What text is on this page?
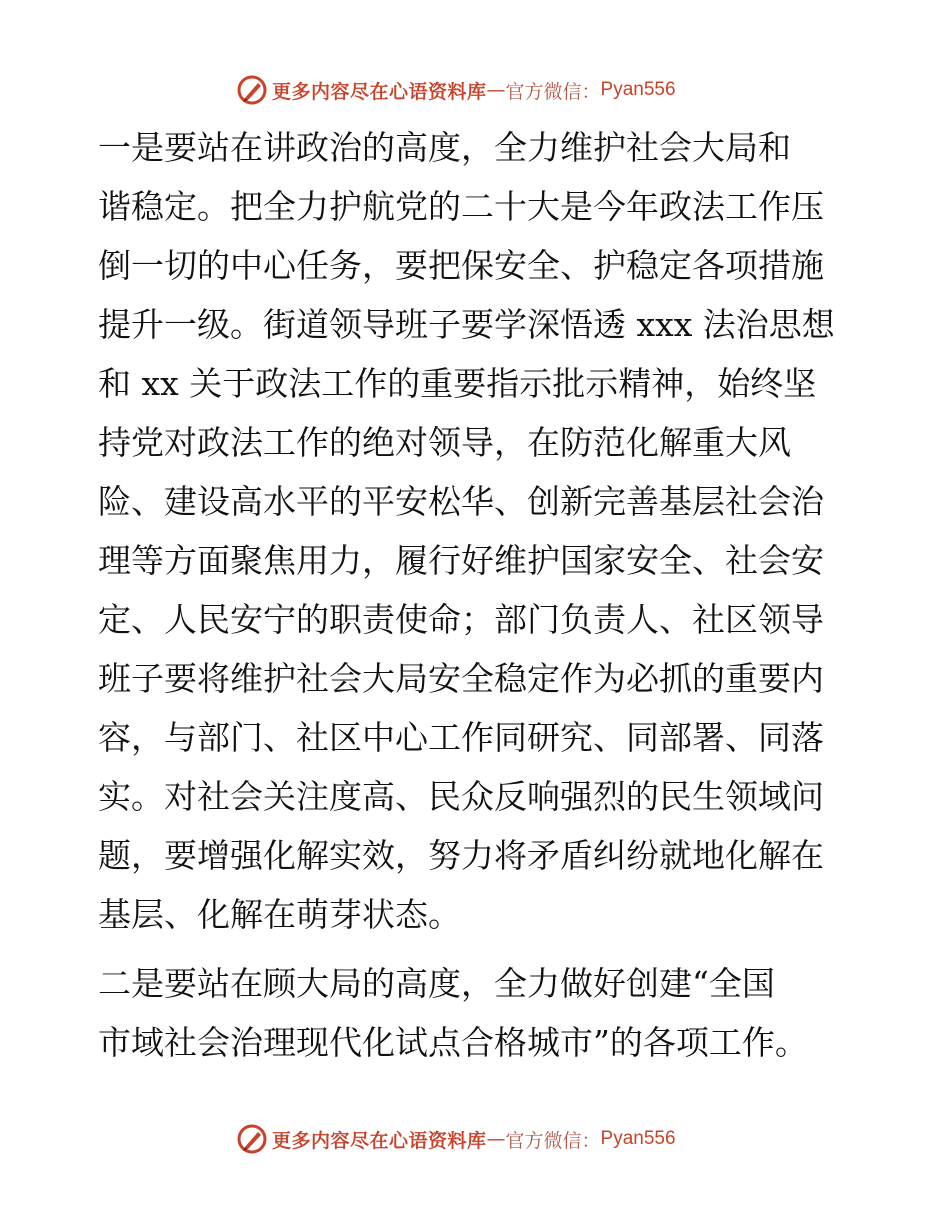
更多内容尽在心语资料库 — 官方微信： Pyan556

一是要站在讲政治的高度，全力维护社会大局和
谐稳定。把全力护航党的二十大是今年政法工作压
倒一切的中心任务，要把保安全、护稳定各项措施
提升一级。街道领导班子要学深悟透 xxx 法治思想
和 xx 关于政法工作的重要指示批示精神，始终坚
持党对政法工作的绝对领导，在防范化解重大风
险、建设高水平的平安松华、创新完善基层社会治
理等方面聚焦用力，履行好维护国家安全、社会安
定、人民安宁的职责使命；部门负责人、社区领导
班子要将维护社会大局安全稳定作为必抓的重要内
容，与部门、社区中心工作同研究、同部署、同落
实。对社会关注度高、民众反响强烈的民生领域问
题，要增强化解实效，努力将矛盾纠纷就地化解在
基层、化解在萌芽状态。

二是要站在顾大局的高度，全力做好创建“全国
市域社会治理现代化试点合格城市”的各项工作。

更多内容尽在心语资料库 — 官方微信： Pyan556
